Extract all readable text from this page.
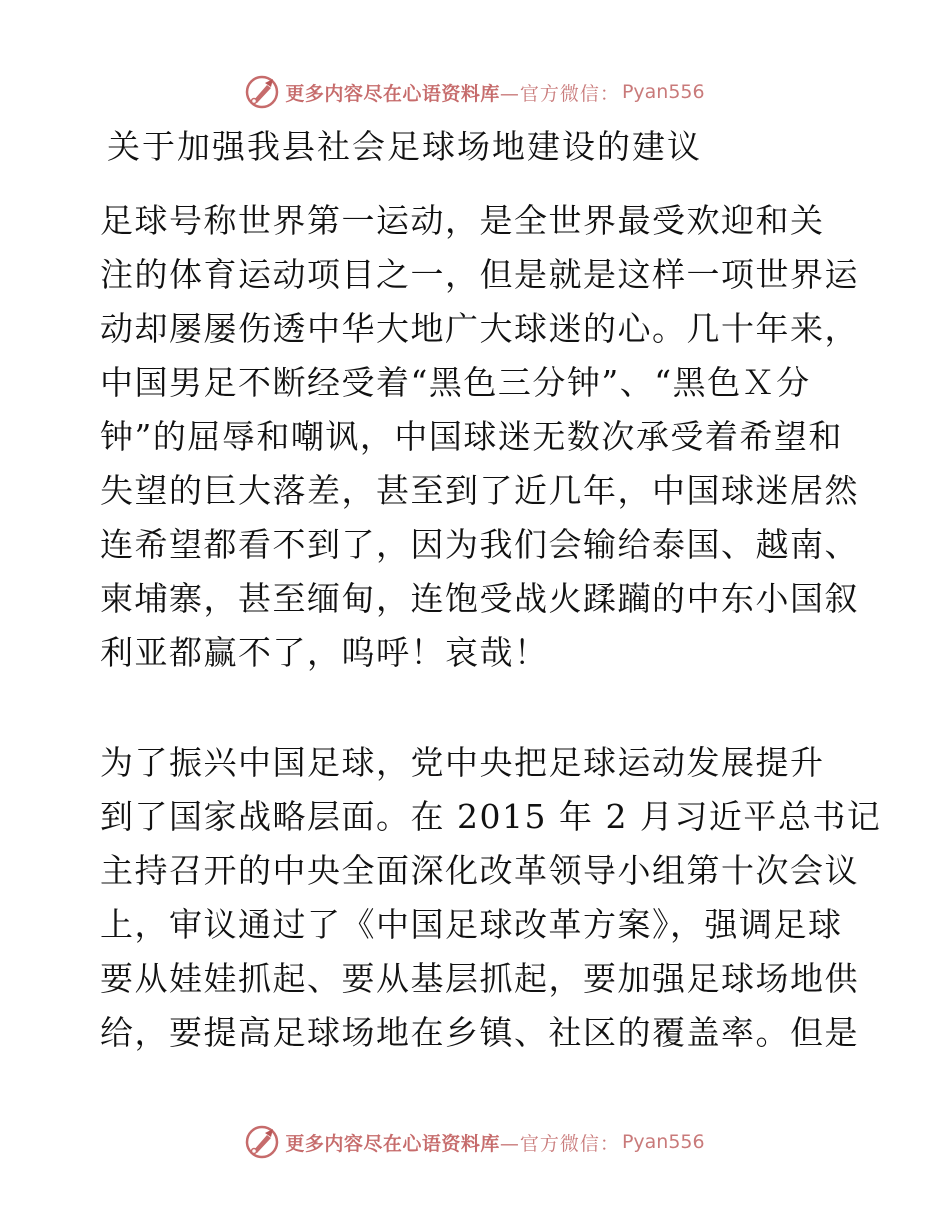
更多内容尽在心语资料库 —官方微信： Pyan556
关于加强我县社会足球场地建设的建议
足球号称世界第一运动，是全世界最受欢迎和关
注的体育运动项目之一，但是就是这样一项世界运
动却屡屡伤透中华大地广大球迷的心。几十年来，
中国男足不断经受着“黑色三分钟”、“黑色Ｘ分
钟”的屈辱和嘲讽，中国球迷无数次承受着希望和
失望的巨大落差，甚至到了近几年，中国球迷居然
连希望都看不到了，因为我们会输给泰国、越南、
柬埔寨，甚至缅甸，连饱受战火蹂躏的中东小国叙
利亚都赢不了，呜呼！哀哉！
为了振兴中国足球，党中央把足球运动发展提升
到了国家战略层面。在 2015 年 2 月习近平总书记
主持召开的中央全面深化改革领导小组第十次会议
上，审议通过了《中国足球改革方案》，强调足球
要从娃娃抓起、要从基层抓起，要加强足球场地供
给，要提高足球场地在乡镇、社区的覆盖率。但是
更多内容尽在心语资料库 —官方微信： Pyan556
